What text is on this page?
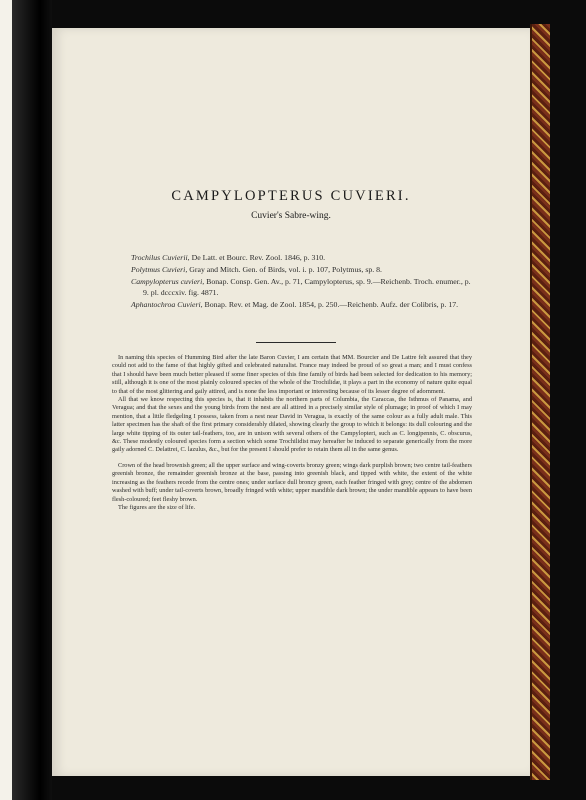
CAMPYLOPTERUS CUVIERI.

Cuvier's Sabre-wing.

Trochilus Cuvierii, De Latt. et Bourc. Rev. Zool. 1846, p. 310.
Polytmus Cuvieri, Gray and Mitch. Gen. of Birds, vol. i. p. 107, Polytmus, sp. 8.
Campylopterus cuvieri, Bonap. Consp. Gen. Av., p. 71, Campylopterus, sp. 9.—Reichenb. Troch. enumer., p. 9. pl. dcccxiv. fig. 4871.
Aphantochroa Cuvieri, Bonap. Rev. et Mag. de Zool. 1854, p. 250.—Reichenb. Aufz. der Colibris, p. 17.

In naming this species of Humming Bird after the late Baron Cuvier, I am certain that MM. Bourcier and De Lattre felt assured that they could not add to the fame of that highly gifted and celebrated naturalist. France may indeed be proud of so great a man; and I must confess that I should have been much better pleased if some finer species of this fine family of birds had been selected for dedication to his memory; still, although it is one of the most plainly coloured species of the whole of the Trochilidæ, it plays a part in the economy of nature quite equal to that of the most glittering and gaily attired, and is none the less important or interesting because of its lesser degree of adornment.

All that we know respecting this species is, that it inhabits the northern parts of Columbia, the Caraccas, the Isthmus of Panama, and Veragua; and that the sexes and the young birds from the nest are all attired in a precisely similar style of plumage; in proof of which I may mention, that a little fledgeling I possess, taken from a nest near David in Veragua, is exactly of the same colour as a fully adult male. This latter specimen has the shaft of the first primary considerably dilated, showing clearly the group to which it belongs: its dull colouring and the large white tipping of its outer tail-feathers, too, are in unison with several others of the Campylopteri, such as C. longipennis, C. obscurus, &c. These modestly coloured species form a section which some Trochilidist may hereafter be induced to separate generically from the more gaily adorned C. Delattrei, C. lazulus, &c., but for the present I should prefer to retain them all in the same genus.

Crown of the head brownish green; all the upper surface and wing-coverts bronzy green; wings dark purplish brown; two centre tail-feathers greenish bronze, the remainder greenish bronze at the base, passing into greenish black, and tipped with white, the extent of the white increasing as the feathers recede from the centre ones; under surface dull bronzy green, each feather fringed with grey; centre of the abdomen washed with buff; under tail-coverts brown, broadly fringed with white; upper mandible dark brown; the under mandible appears to have been flesh-coloured; feet fleshy brown.

The figures are the size of life.
